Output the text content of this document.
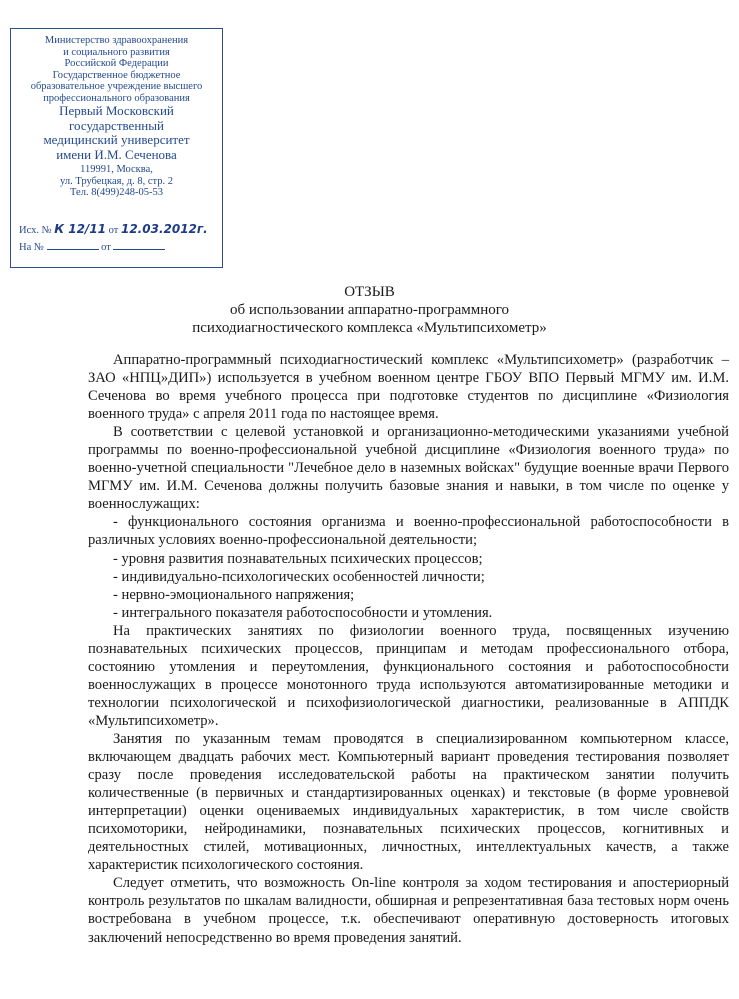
Министерство здравоохранения
и социального развития
Российской Федерации
Государственное бюджетное
образовательное учреждение высшего
профессионального образования
Первый Московский
государственный
медицинский университет
имени И.М. Сеченова
119991, Москва,
ул. Трубецкая, д. 8, стр. 2
Тел. 8(499)248-05-53
Исх. № К 12/11 от 12.03.2012г.
На №	от
ОТЗЫВ
об использовании аппаратно-программного
психодиагностического комплекса «Мультипсихометр»

Аппаратно-программный психодиагностический комплекс «Мультипсихометр» (разработчик – ЗАО «НПЦ»ДИП») используется в учебном военном центре ГБОУ ВПО Первый МГМУ им. И.М. Сеченова во время учебного процесса при подготовке студентов по дисциплине «Физиология военного труда» с апреля 2011 года по настоящее время.

В соответствии с целевой установкой и организационно-методическими указаниями учебной программы по военно-профессиональной учебной дисциплине «Физиология военного труда» по военно-учетной специальности "Лечебное дело в наземных войсках" будущие военные врачи Первого МГМУ им. И.М. Сеченова должны получить базовые знания и навыки, в том числе по оценке у военнослужащих:

- функционального состояния организма и военно-профессиональной работоспособности в различных условиях военно-профессиональной деятельности;

- уровня развития познавательных психических процессов;

- индивидуально-психологических особенностей личности;

- нервно-эмоционального напряжения;

- интегрального показателя работоспособности и утомления.

На практических занятиях по физиологии военного труда, посвященных изучению познавательных психических процессов, принципам и методам профессионального отбора, состоянию утомления и переутомления, функционального состояния и работоспособности военнослужащих в процессе монотонного труда используются автоматизированные методики и технологии психологической и психофизиологической диагностики, реализованные в АППДК «Мультипсихометр».

Занятия по указанным темам проводятся в специализированном компьютерном классе, включающем двадцать рабочих мест. Компьютерный вариант проведения тестирования позволяет сразу после проведения исследовательской работы на практическом занятии получить количественные (в первичных и стандартизированных оценках) и текстовые (в форме уровневой интерпретации) оценки оцениваемых индивидуальных характеристик, в том числе свойств психомоторики, нейродинамики, познавательных психических процессов, когнитивных и деятельностных стилей, мотивационных, личностных, интеллектуальных качеств, а также характеристик психологического состояния.

Следует отметить, что возможность On-line контроля за ходом тестирования и апостериорный контроль результатов по шкалам валидности, обширная и репрезентативная база тестовых норм очень востребована в учебном процессе, т.к. обеспечивают оперативную достоверность итоговых заключений непосредственно во время проведения занятий.
